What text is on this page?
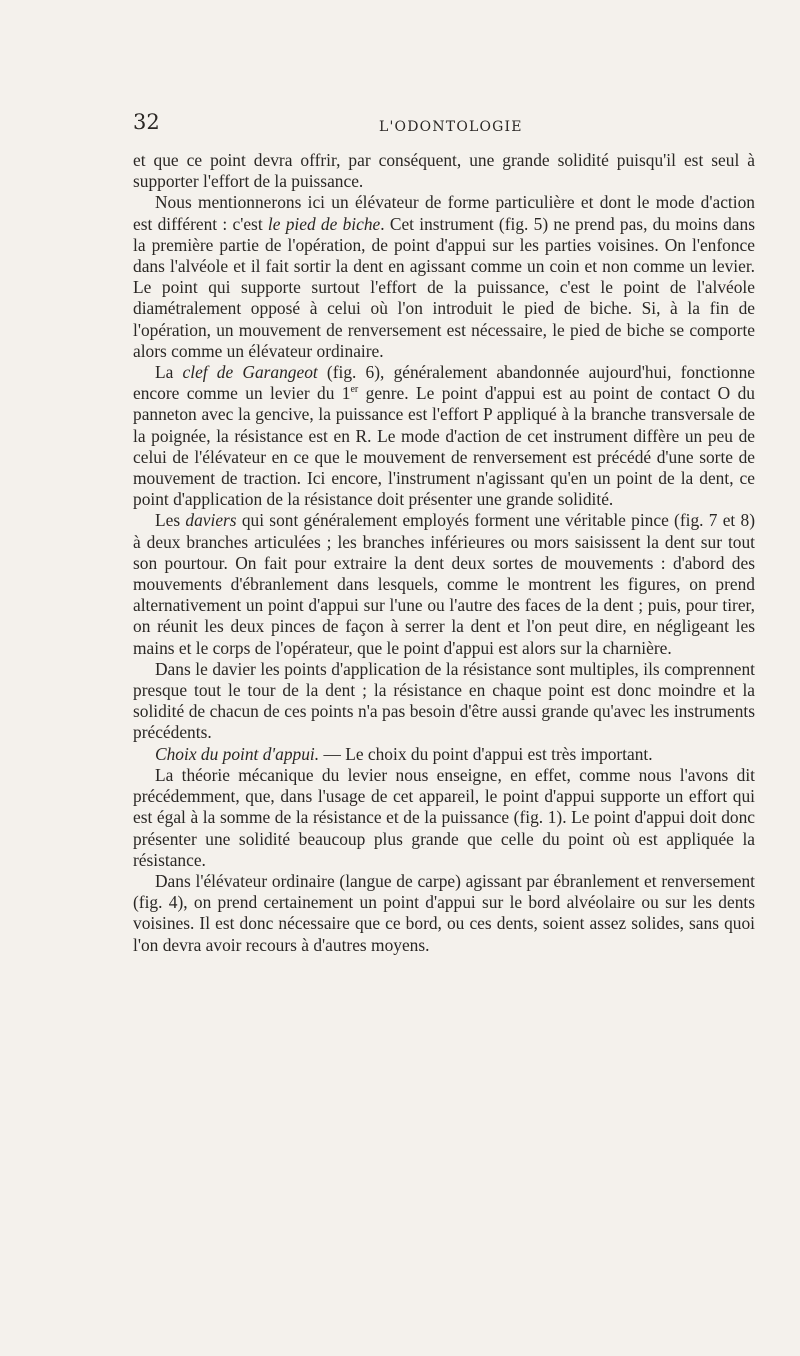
32	L'ODONTOLOGIE

et que ce point devra offrir, par conséquent, une grande solidité puisqu'il est seul à supporter l'effort de la puissance.

Nous mentionnerons ici un élévateur de forme particulière et dont le mode d'action est différent : c'est le pied de biche. Cet instrument (fig. 5) ne prend pas, du moins dans la première partie de l'opération, de point d'appui sur les parties voisines. On l'enfonce dans l'alvéole et il fait sortir la dent en agissant comme un coin et non comme un levier. Le point qui supporte surtout l'effort de la puissance, c'est le point de l'alvéole diamétralement opposé à celui où l'on introduit le pied de biche. Si, à la fin de l'opération, un mouvement de renversement est nécessaire, le pied de biche se comporte alors comme un élévateur ordinaire.

La clef de Garangeot (fig. 6), généralement abandonnée aujourd'hui, fonctionne encore comme un levier du 1er genre. Le point d'appui est au point de contact O du panneton avec la gencive, la puissance est l'effort P appliqué à la branche transversale de la poignée, la résistance est en R. Le mode d'action de cet instrument diffère un peu de celui de l'élévateur en ce que le mouvement de renversement est précédé d'une sorte de mouvement de traction. Ici encore, l'instrument n'agissant qu'en un point de la dent, ce point d'application de la résistance doit présenter une grande solidité.

Les daviers qui sont généralement employés forment une véritable pince (fig. 7 et 8) à deux branches articulées ; les branches inférieures ou mors saisissent la dent sur tout son pourtour. On fait pour extraire la dent deux sortes de mouvements : d'abord des mouvements d'ébranlement dans lesquels, comme le montrent les figures, on prend alternativement un point d'appui sur l'une ou l'autre des faces de la dent ; puis, pour tirer, on réunit les deux pinces de façon à serrer la dent et l'on peut dire, en négligeant les mains et le corps de l'opérateur, que le point d'appui est alors sur la charnière.

Dans le davier les points d'application de la résistance sont multiples, ils comprennent presque tout le tour de la dent ; la résistance en chaque point est donc moindre et la solidité de chacun de ces points n'a pas besoin d'être aussi grande qu'avec les instruments précédents.

Choix du point d'appui. — Le choix du point d'appui est très important.

La théorie mécanique du levier nous enseigne, en effet, comme nous l'avons dit précédemment, que, dans l'usage de cet appareil, le point d'appui supporte un effort qui est égal à la somme de la résistance et de la puissance (fig. 1). Le point d'appui doit donc présenter une solidité beaucoup plus grande que celle du point où est appliquée la résistance.

Dans l'élévateur ordinaire (langue de carpe) agissant par ébranlement et renversement (fig. 4), on prend certainement un point d'appui sur le bord alvéolaire ou sur les dents voisines. Il est donc nécessaire que ce bord, ou ces dents, soient assez solides, sans quoi l'on devra avoir recours à d'autres moyens.
